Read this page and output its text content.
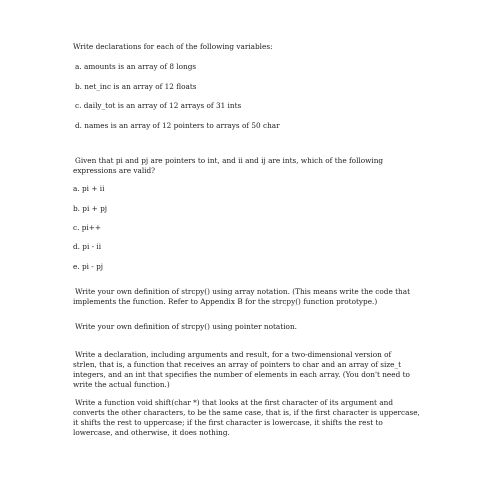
Write declarations for each of the following variables:
a. amounts is an array of 8 longs
b. net_inc is an array of 12 floats
c. daily_tot is an array of 12 arrays of 31 ints
d. names is an array of 12 pointers to arrays of 50 char
Given that pi and pj are pointers to int, and ii and ij are ints, which of the following
expressions are valid?
a. pi + ii
b. pi + pj
c. pi++
d. pi - ii
e. pi - pj
Write your own definition of strcpy() using array notation. (This means write the code that
implements the function. Refer to Appendix B for the strcpy() function prototype.)
Write your own definition of strcpy() using pointer notation.
Write a declaration, including arguments and result, for a two-dimensional version of
strlen, that is, a function that receives an array of pointers to char and an array of size_t
integers, and an int that specifies the number of elements in each array. (You don't need to
write the actual function.)
Write a function void shift(char *) that looks at the first character of its argument and
converts the other characters, to be the same case, that is, if the first character is uppercase,
it shifts the rest to uppercase; if the first character is lowercase, it shifts the rest to
lowercase, and otherwise, it does nothing.
